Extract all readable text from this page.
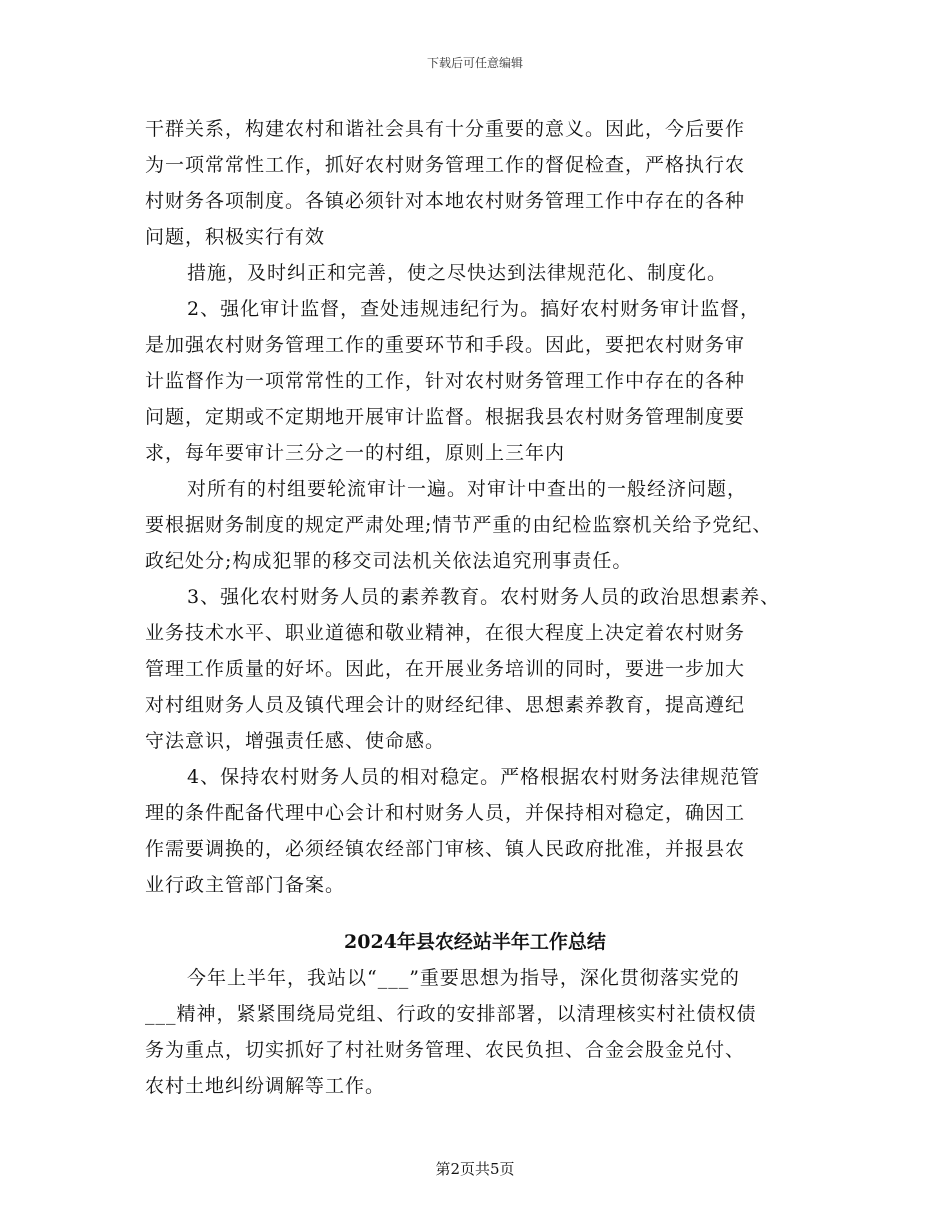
下载后可任意编辑
干群关系，构建农村和谐社会具有十分重要的意义。因此，今后要作
为一项常常性工作，抓好农村财务管理工作的督促检查，严格执行农
村财务各项制度。各镇必须针对本地农村财务管理工作中存在的各种
问题，积极实行有效
措施，及时纠正和完善，使之尽快达到法律规范化、制度化。
2、强化审计监督，查处违规违纪行为。搞好农村财务审计监督，
是加强农村财务管理工作的重要环节和手段。因此，要把农村财务审
计监督作为一项常常性的工作，针对农村财务管理工作中存在的各种
问题，定期或不定期地开展审计监督。根据我县农村财务管理制度要
求，每年要审计三分之一的村组，原则上三年内
对所有的村组要轮流审计一遍。对审计中查出的一般经济问题，
要根据财务制度的规定严肃处理;情节严重的由纪检监察机关给予党纪、
政纪处分;构成犯罪的移交司法机关依法追究刑事责任。
3、强化农村财务人员的素养教育。农村财务人员的政治思想素养、
业务技术水平、职业道德和敬业精神，在很大程度上决定着农村财务
管理工作质量的好坏。因此，在开展业务培训的同时，要进一步加大
对村组财务人员及镇代理会计的财经纪律、思想素养教育，提高遵纪
守法意识，增强责任感、使命感。
4、保持农村财务人员的相对稳定。严格根据农村财务法律规范管
理的条件配备代理中心会计和村财务人员，并保持相对稳定，确因工
作需要调换的，必须经镇农经部门审核、镇人民政府批准，并报县农
业行政主管部门备案。
2024年县农经站半年工作总结
今年上半年，我站以“___”重要思想为指导，深化贯彻落实党的
___精神，紧紧围绕局党组、行政的安排部署，以清理核实村社债权债
务为重点，切实抓好了村社财务管理、农民负担、合金会股金兑付、
农村土地纠纷调解等工作。
第2页共5页
